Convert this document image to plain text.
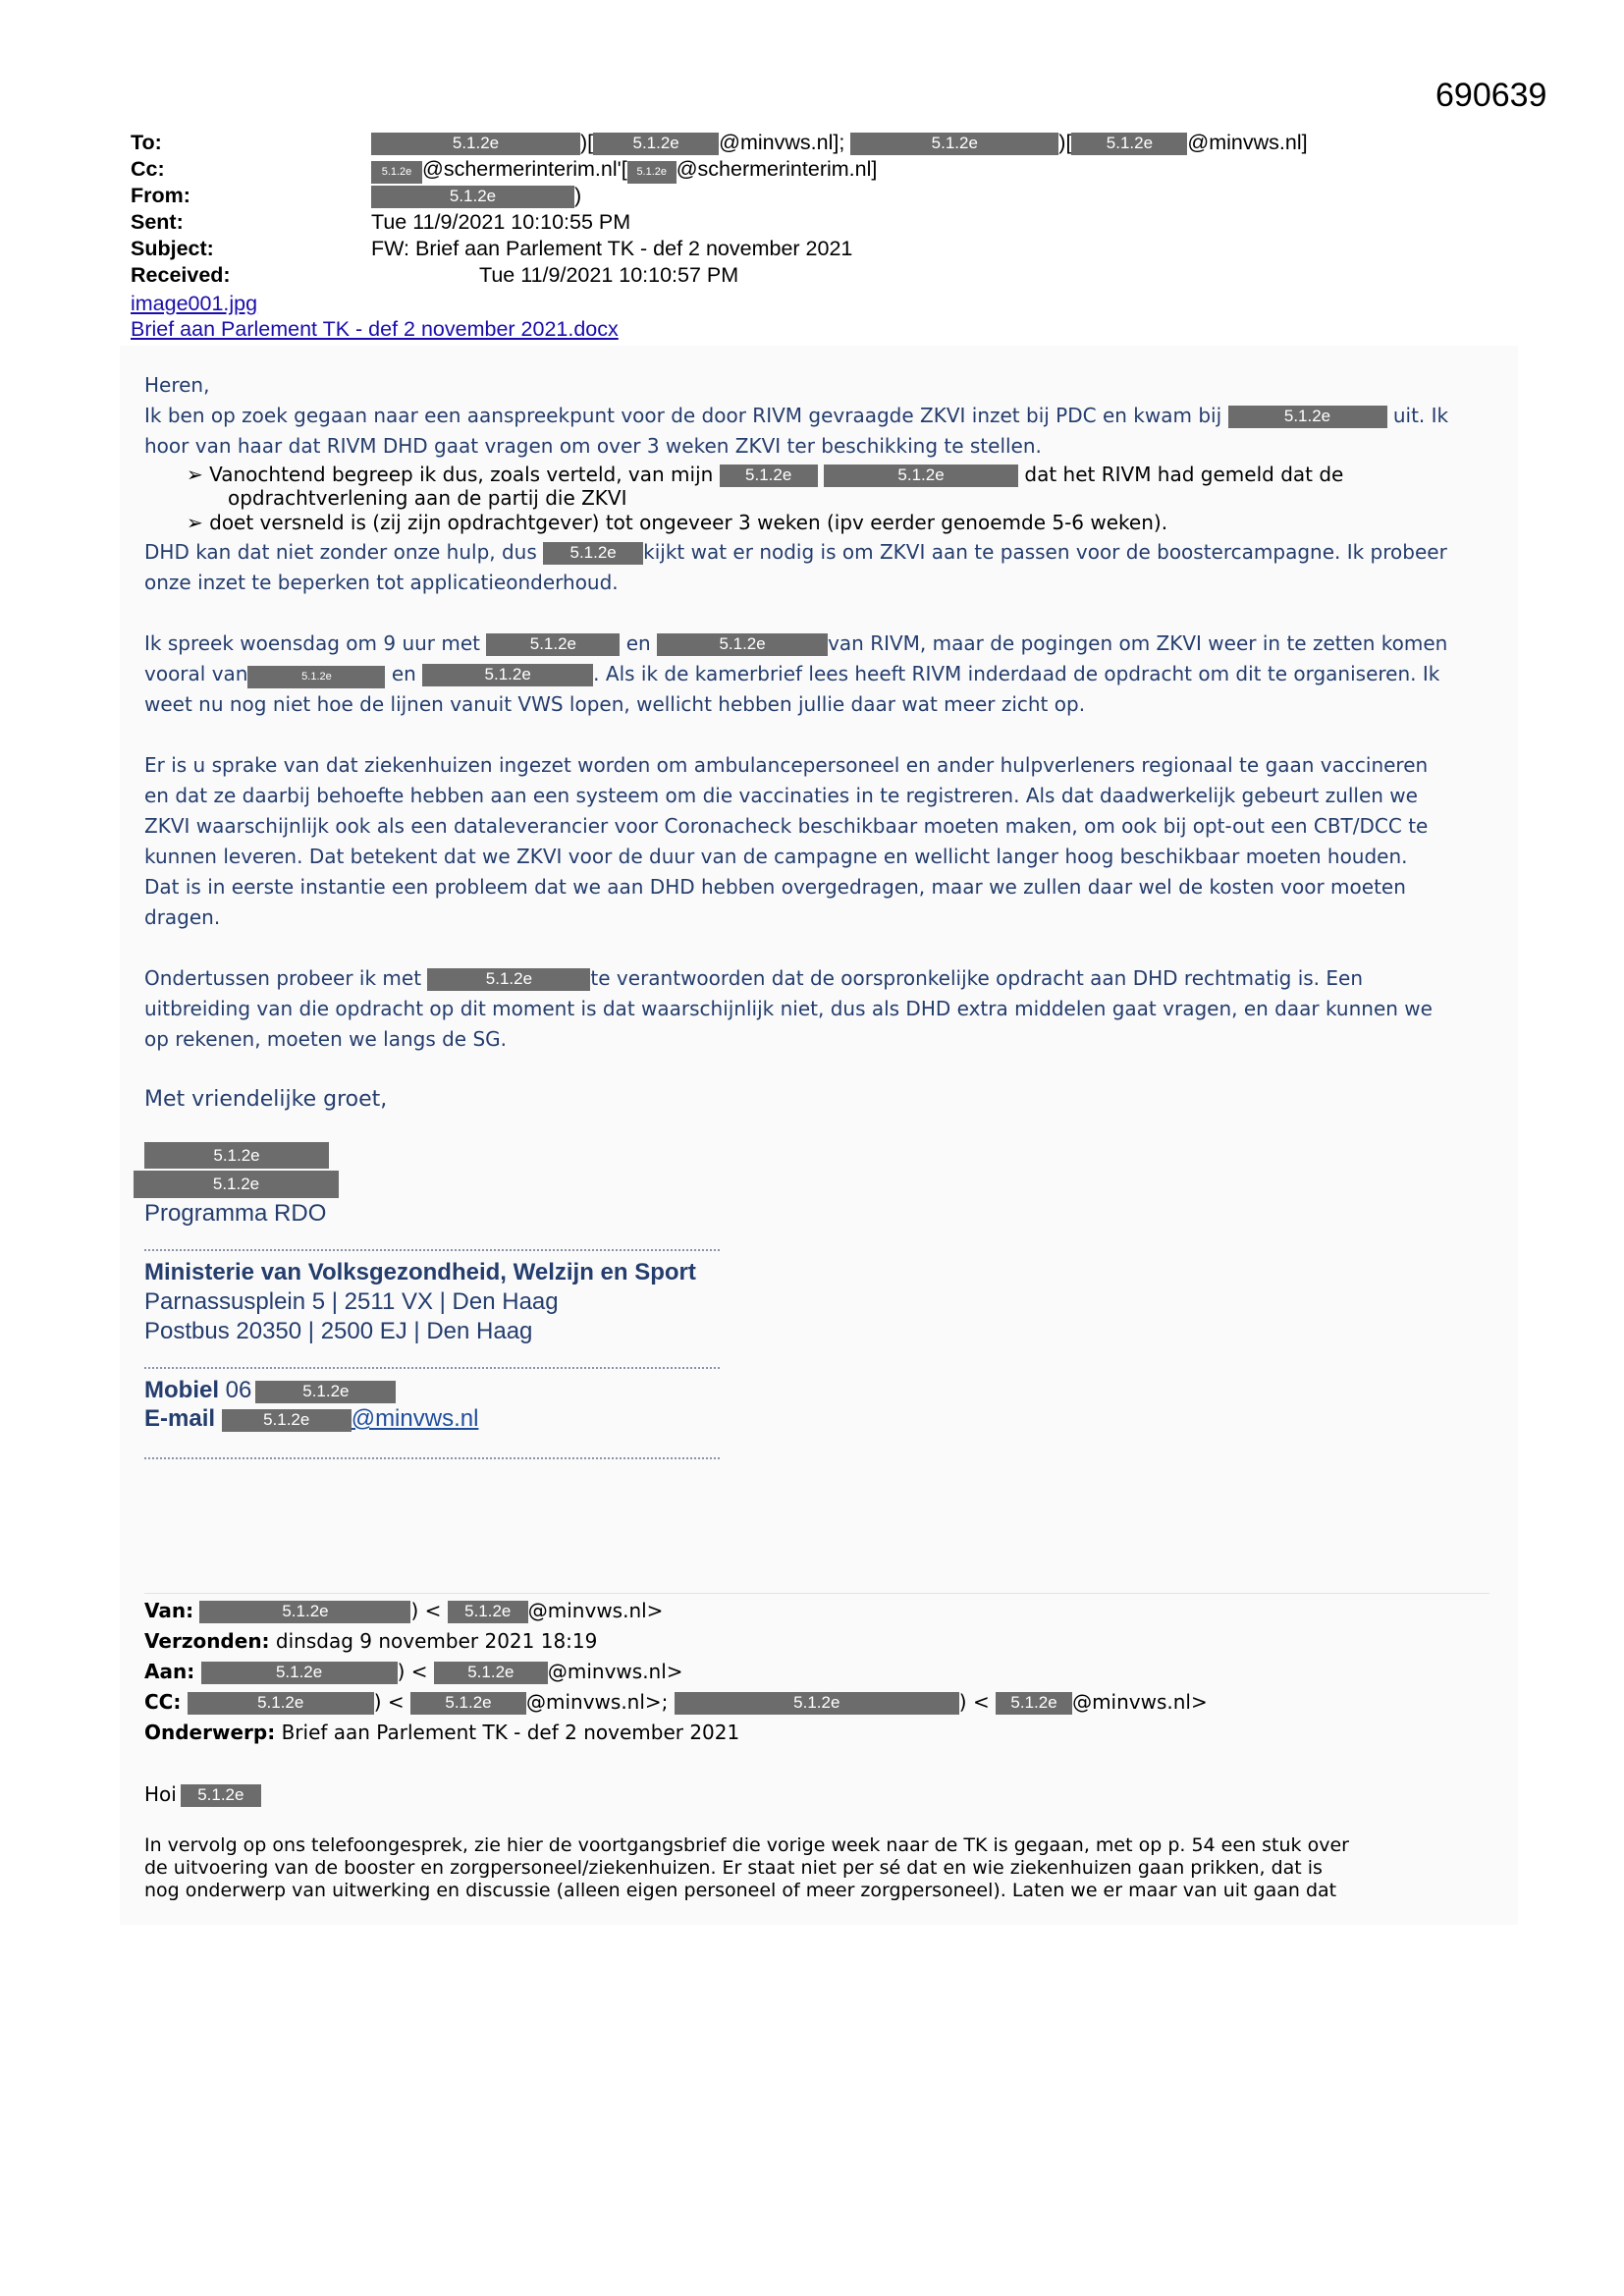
690639
To:	5.1.2e	)[ 5.1.2e @minvws.nl];	5.1.2e	)[ 5.1.2e @minvws.nl]
Cc:	5.1.2e @schermerinterim.nl'[ 5.1.2e @schermerinterim.nl]
From:	5.1.2e	)
Sent:	Tue 11/9/2021 10:10:55 PM
Subject:	FW: Brief aan Parlement TK - def 2 november 2021
Received:	Tue 11/9/2021 10:10:57 PM
image001.jpg
Brief aan Parlement TK - def 2 november 2021.docx
Heren,
Ik ben op zoek gegaan naar een aanspreekpunt voor de door RIVM gevraagde ZKVI inzet bij PDC en kwam bij	5.1.2e	uit. Ik
hoor van haar dat RIVM DHD gaat vragen om over 3 weken ZKVI ter beschikking te stellen.
➢ Vanochtend begreep ik dus, zoals verteld, van mijn 5.1.2e	5.1.2e	dat het RIVM had gemeld dat de
opdrachtverlening aan de partij die ZKVI
➢ doet versneld is (zij zijn opdrachtgever) tot ongeveer 3 weken (ipv eerder genoemde 5-6 weken).
DHD kan dat niet zonder onze hulp, dus 5.1.2e kijkt wat er nodig is om ZKVI aan te passen voor de boostercampagne. Ik probeer
onze inzet te beperken tot applicatieonderhoud.
Ik spreek woensdag om 9 uur met	5.1.2e	en	5.1.2e	van RIVM, maar de pogingen om ZKVI weer in te zetten komen
vooral van	5.1.2e	en	5.1.2e	. Als ik de kamerbrief lees heeft RIVM inderdaad de opdracht om dit te organiseren. Ik
weet nu nog niet hoe de lijnen vanuit VWS lopen, wellicht hebben jullie daar wat meer zicht op.
Er is u sprake van dat ziekenhuizen ingezet worden om ambulancepersoneel en ander hulpverleners regionaal te gaan vaccineren
en dat ze daarbij behoefte hebben aan een systeem om die vaccinaties in te registreren. Als dat daadwerkelijk gebeurt zullen we
ZKVI waarschijnlijk ook als een dataleverancier voor Coronacheck beschikbaar moeten maken, om ook bij opt-out een CBT/DCC te
kunnen leveren. Dat betekent dat we ZKVI voor de duur van de campagne en wellicht langer hoog beschikbaar moeten houden.
Dat is in eerste instantie een probleem dat we aan DHD hebben overgedragen, maar we zullen daar wel de kosten voor moeten
dragen.
Ondertussen probeer ik met	5.1.2e	te verantwoorden dat de oorspronkelijke opdracht aan DHD rechtmatig is. Een
uitbreiding van die opdracht op dit moment is dat waarschijnlijk niet, dus als DHD extra middelen gaat vragen, en daar kunnen we
op rekenen, moeten we langs de SG.
Met vriendelijke groet,
5.1.2e
5.1.2e
Programma RDO
Ministerie van Volksgezondheid, Welzijn en Sport
Parnassusplein 5 | 2511 VX | Den Haag
Postbus 20350 | 2500 EJ | Den Haag
Mobiel 06	5.1.2e
E-mail	5.1.2e @minvws.nl
Van:	5.1.2e	) < 5.1.2e @minvws.nl>
Verzonden: dinsdag 9 november 2021 18:19
Aan:	5.1.2e	) < 5.1.2e @minvws.nl>
CC:	5.1.2e	) < 5.1.2e @minvws.nl>;	5.1.2e	) < 5.1.2e @minvws.nl>
Onderwerp: Brief aan Parlement TK - def 2 november 2021
Hoi 5.1.2e
In vervolg op ons telefoongesprek, zie hier de voortgangsbrief die vorige week naar de TK is gegaan, met op p. 54 een stuk over
de uitvoering van de booster en zorgpersoneel/ziekenhuizen. Er staat niet per sé dat en wie ziekenhuizen gaan prikken, dat is
nog onderwerp van uitwerking en discussie (alleen eigen personeel of meer zorgpersoneel). Laten we er maar van uit gaan dat
